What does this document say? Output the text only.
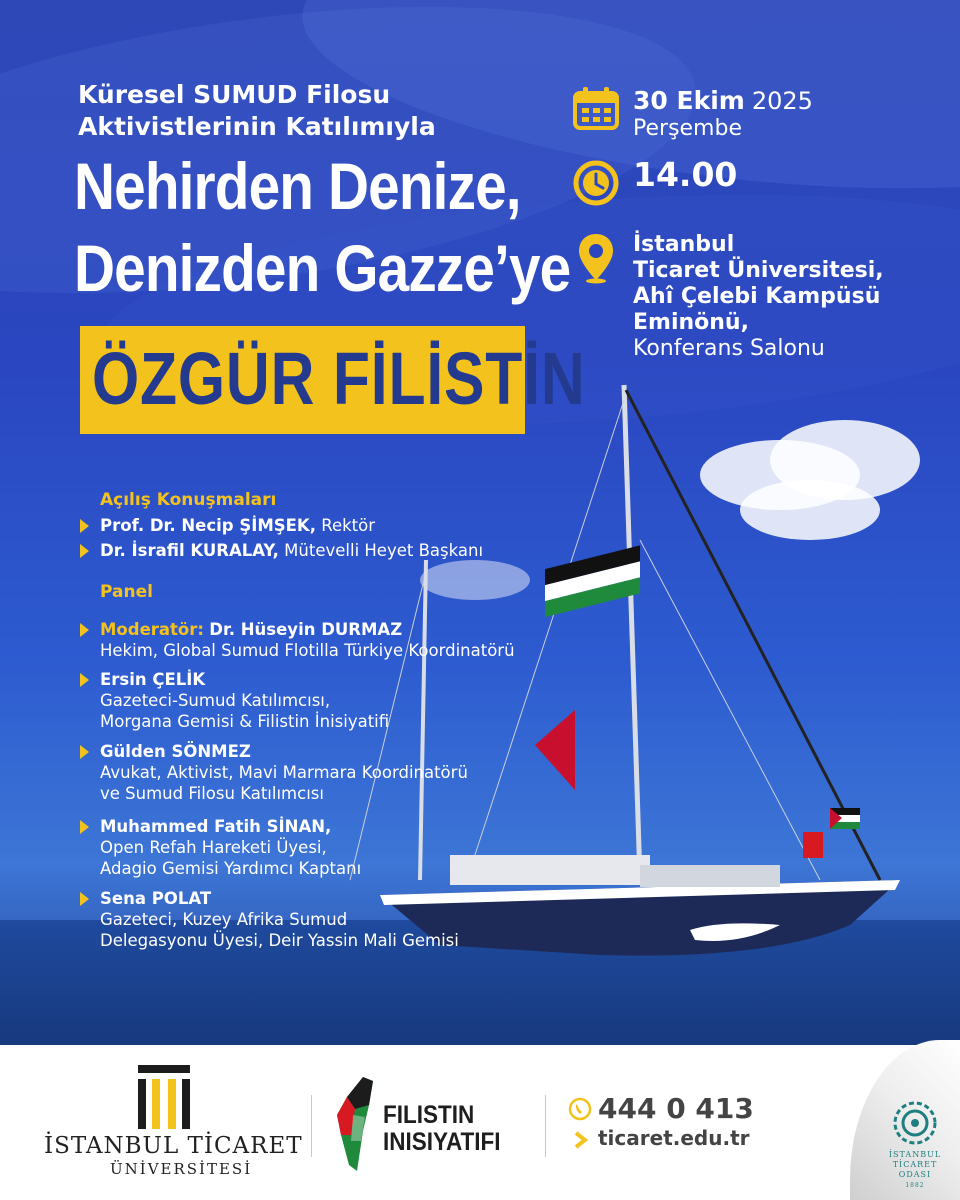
Küresel SUMUD Filosu
Aktivistlerinin Katılımıyla
Nehirden Denize,
Denizden Gazze’ye
ÖZGÜR FİLİSTİN
30 Ekim 2025
Perşembe
14.00
İstanbul
Ticaret Üniversitesi,
Ahî Çelebi Kampüsü
Eminönü,
Konferans Salonu
Açılış Konuşmaları
Prof. Dr. Necip ŞİMŞEK, Rektör
Dr. İsrafil KURALAY, Mütevelli Heyet Başkanı
Panel
Moderatör: Dr. Hüseyin DURMAZ
Hekim, Global Sumud Flotilla Türkiye Koordinatörü
Ersin ÇELİK
Gazeteci-Sumud Katılımcısı,
Morgana Gemisi & Filistin İnisiyatifi
Gülden SÖNMEZ
Avukat, Aktivist, Mavi Marmara Koordinatörü
ve Sumud Filosu Katılımcısı
Muhammed Fatih SİNAN,
Open Refah Hareketi Üyesi,
Adagio Gemisi Yardımcı Kaptanı
Sena POLAT
Gazeteci, Kuzey Afrika Sumud
Delegasyonu Üyesi, Deir Yassin Mali Gemisi
İSTANBUL TİCARET
ÜNİVERSİTESİ
FILISTIN
INISIYATIFI
444 0 413
ticaret.edu.tr
İSTANBUL
TİCARET
ODASI
1882
